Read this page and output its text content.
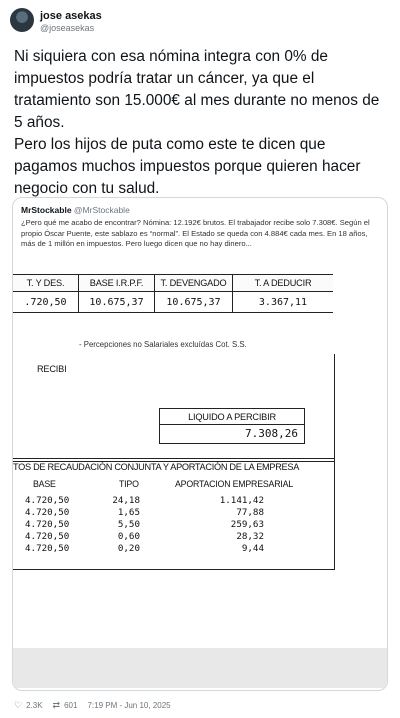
jose asekas
@joseasekas

Ni siquiera con esa nómina integra con 0% de impuestos podría tratar un cáncer, ya que el tratamiento son 15.000€ al mes durante no menos de 5 años.

Pero los hijos de puta como este te dicen que pagamos muchos impuestos porque quieren hacer negocio con tu salud.

MrStockable @MrStockable
¿Pero qué me acabo de encontrar? Nómina: 12.192€ brutos. El trabajador recibe solo 7.308€. Según el propio Óscar Puente, este sablazo es “normal”. El Estado se queda con 4.884€ cada mes. En 18 años, más de 1 millón en impuestos. Pero luego dicen que no hay dinero...
T. Y DES.	BASE I.R.P.F.	T. DEVENGADO	T. A DEDUCIR
.720,50	10.675,37	10.675,37	3.367,11
- Percepciones no Salariales excluídas Cot. S.S.
RECIBI
LIQUIDO A PERCIBIR
7.308,26
TOS DE RECAUDACIÓN CONJUNTA Y APORTACIÓN DE LA EMPRESA
BASE	TIPO	APORTACION EMPRESARIAL
4.720,50	24,18	1.141,42
4.720,50	1,65	77,88
4.720,50	5,50	259,63
4.720,50	0,60	28,32
4.720,50	0,20	9,44
♡ 2.3K ⇄ 601 7:19 PM - Jun 10, 2025
